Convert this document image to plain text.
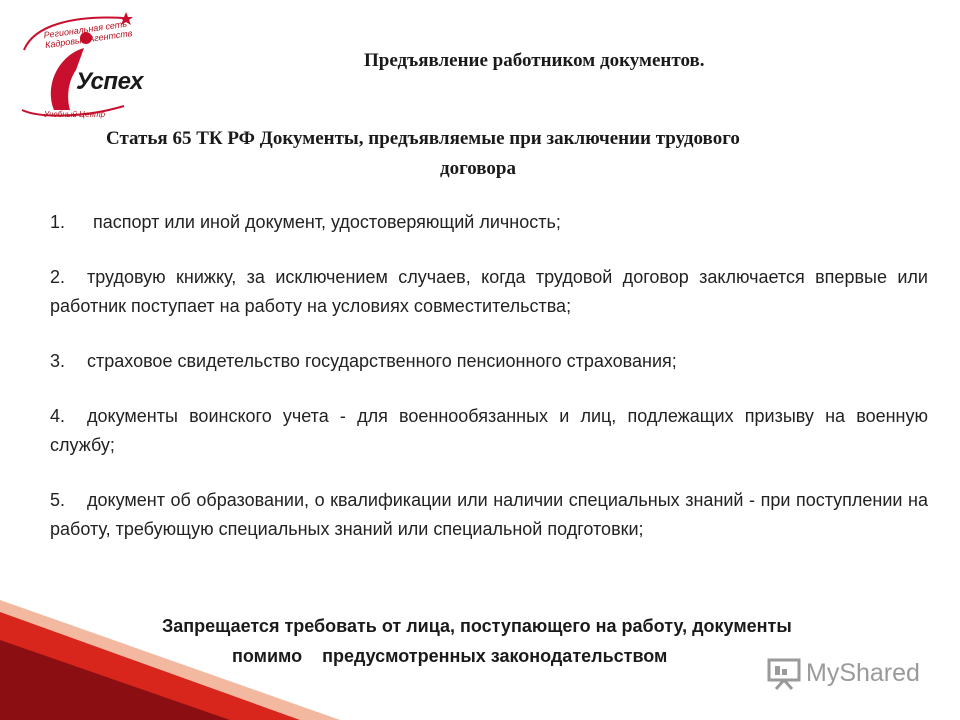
Региональная сеть Кадровых Агентств
Успех
Учебный Центр
Предъявление работником документов.
Статья 65 ТК РФ Документы, предъявляемые при заключении трудового
договора
1. паспорт или иной документ, удостоверяющий личность;
2. трудовую книжку, за исключением случаев, когда трудовой договор заключается впервые или работник поступает на работу на условиях совместительства;
3. страховое свидетельство государственного пенсионного страхования;
4. документы воинского учета - для военнообязанных и лиц, подлежащих призыву на военную службу;
5. документ об образовании, о квалификации или наличии специальных знаний - при поступлении на работу, требующую специальных знаний или специальной подготовки;
Запрещается требовать от лица, поступающего на работу, документы
помимо    предусмотренных законодательством
MyShared
